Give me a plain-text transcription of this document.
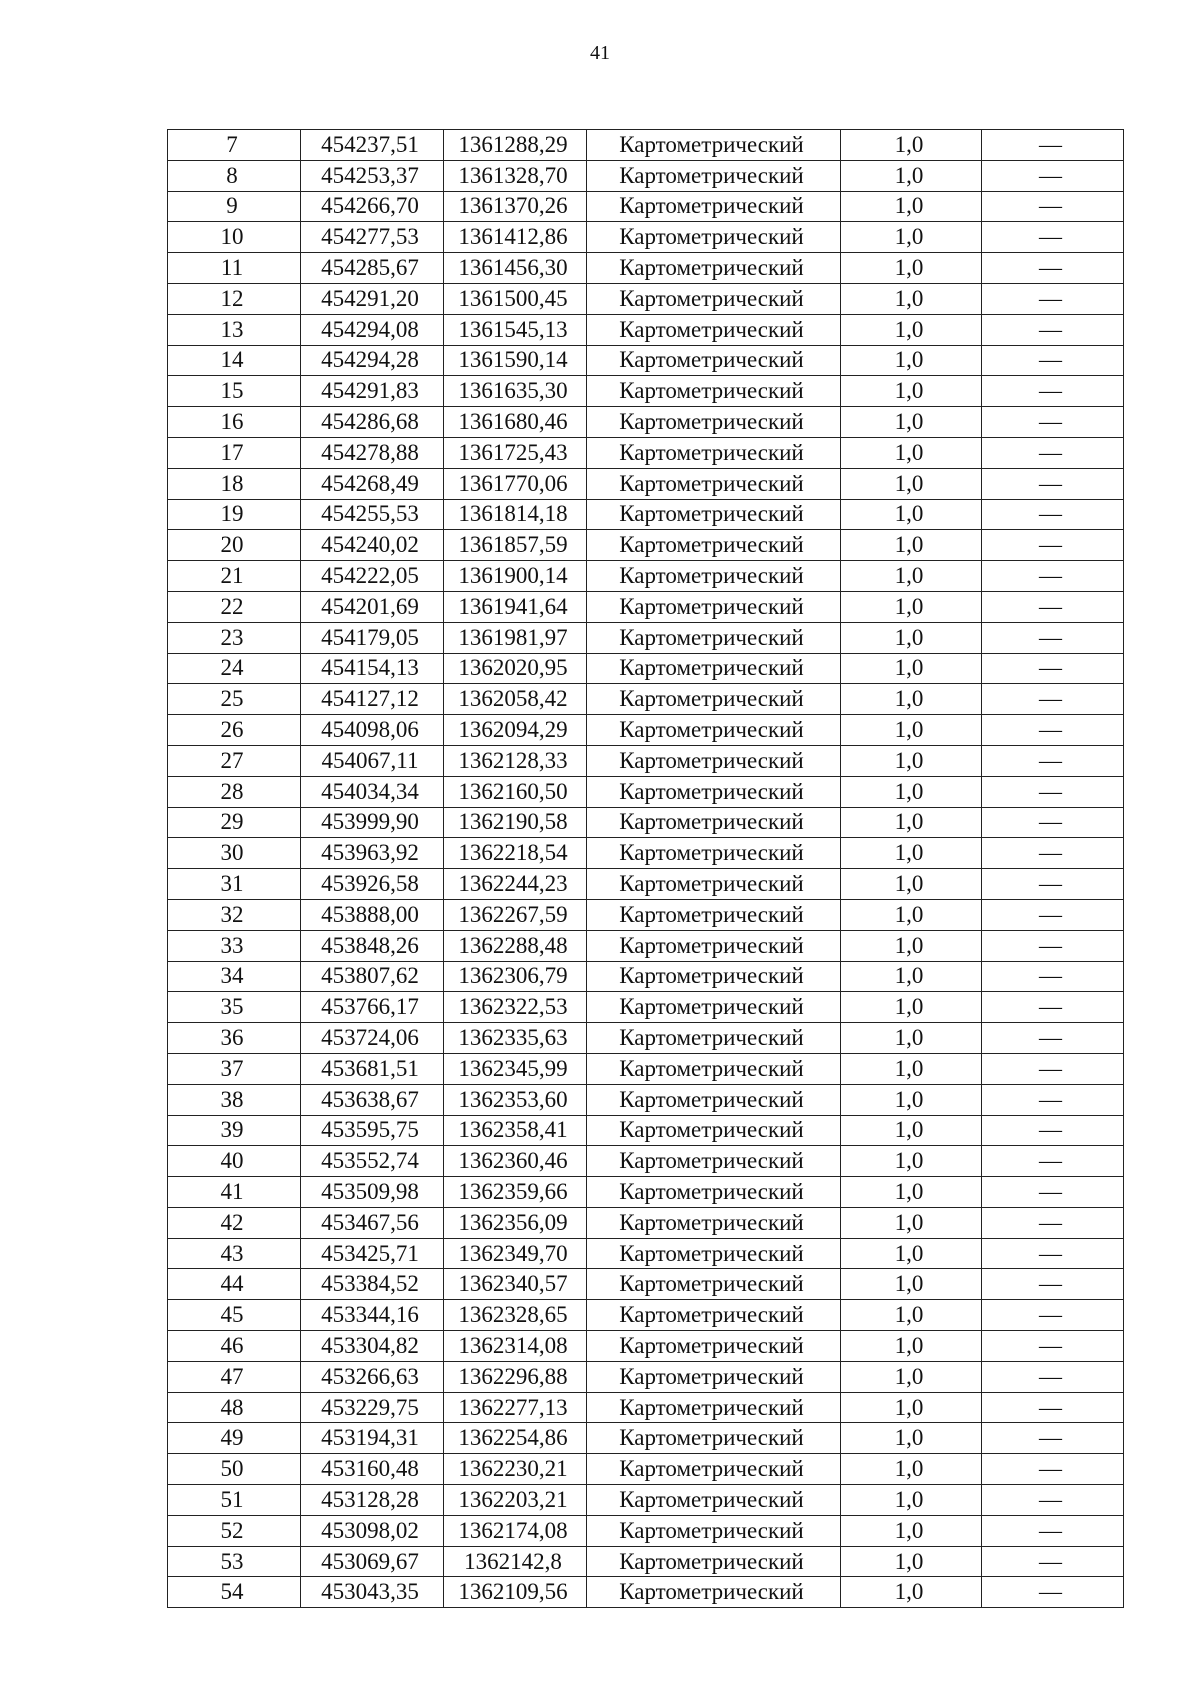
41
7	454237,51	1361288,29	Картометрический	1,0	—
8	454253,37	1361328,70	Картометрический	1,0	—
9	454266,70	1361370,26	Картометрический	1,0	—
10	454277,53	1361412,86	Картометрический	1,0	—
11	454285,67	1361456,30	Картометрический	1,0	—
12	454291,20	1361500,45	Картометрический	1,0	—
13	454294,08	1361545,13	Картометрический	1,0	—
14	454294,28	1361590,14	Картометрический	1,0	—
15	454291,83	1361635,30	Картометрический	1,0	—
16	454286,68	1361680,46	Картометрический	1,0	—
17	454278,88	1361725,43	Картометрический	1,0	—
18	454268,49	1361770,06	Картометрический	1,0	—
19	454255,53	1361814,18	Картометрический	1,0	—
20	454240,02	1361857,59	Картометрический	1,0	—
21	454222,05	1361900,14	Картометрический	1,0	—
22	454201,69	1361941,64	Картометрический	1,0	—
23	454179,05	1361981,97	Картометрический	1,0	—
24	454154,13	1362020,95	Картометрический	1,0	—
25	454127,12	1362058,42	Картометрический	1,0	—
26	454098,06	1362094,29	Картометрический	1,0	—
27	454067,11	1362128,33	Картометрический	1,0	—
28	454034,34	1362160,50	Картометрический	1,0	—
29	453999,90	1362190,58	Картометрический	1,0	—
30	453963,92	1362218,54	Картометрический	1,0	—
31	453926,58	1362244,23	Картометрический	1,0	—
32	453888,00	1362267,59	Картометрический	1,0	—
33	453848,26	1362288,48	Картометрический	1,0	—
34	453807,62	1362306,79	Картометрический	1,0	—
35	453766,17	1362322,53	Картометрический	1,0	—
36	453724,06	1362335,63	Картометрический	1,0	—
37	453681,51	1362345,99	Картометрический	1,0	—
38	453638,67	1362353,60	Картометрический	1,0	—
39	453595,75	1362358,41	Картометрический	1,0	—
40	453552,74	1362360,46	Картометрический	1,0	—
41	453509,98	1362359,66	Картометрический	1,0	—
42	453467,56	1362356,09	Картометрический	1,0	—
43	453425,71	1362349,70	Картометрический	1,0	—
44	453384,52	1362340,57	Картометрический	1,0	—
45	453344,16	1362328,65	Картометрический	1,0	—
46	453304,82	1362314,08	Картометрический	1,0	—
47	453266,63	1362296,88	Картометрический	1,0	—
48	453229,75	1362277,13	Картометрический	1,0	—
49	453194,31	1362254,86	Картометрический	1,0	—
50	453160,48	1362230,21	Картометрический	1,0	—
51	453128,28	1362203,21	Картометрический	1,0	—
52	453098,02	1362174,08	Картометрический	1,0	—
53	453069,67	1362142,8	Картометрический	1,0	—
54	453043,35	1362109,56	Картометрический	1,0	—
